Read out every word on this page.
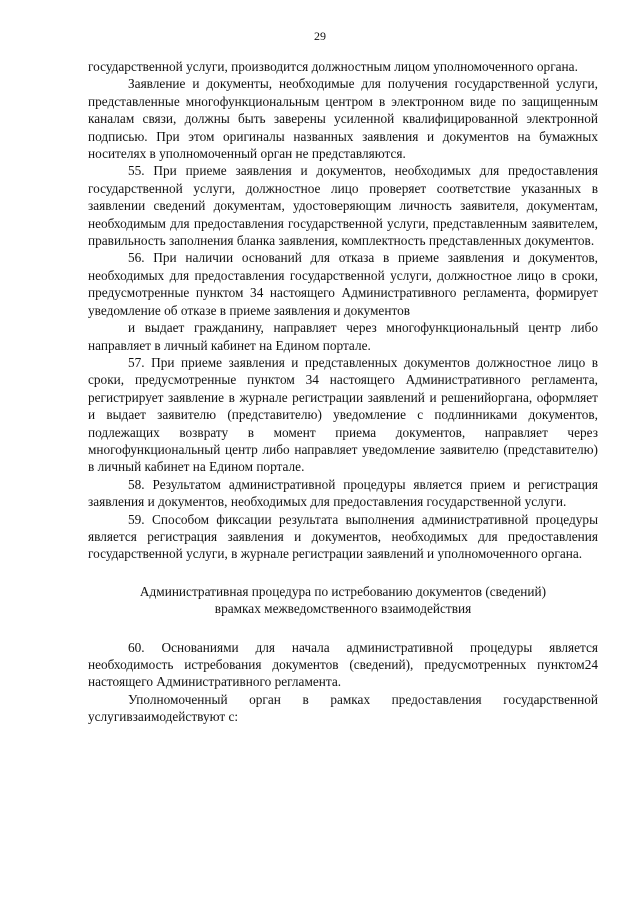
29

государственной услуги, производится должностным лицом уполномоченного органа.

Заявление и документы, необходимые для получения государственной услуги, представленные многофункциональным центром в электронном виде по защищенным каналам связи, должны быть заверены усиленной квалифицированной электронной подписью. При этом оригиналы названных заявления и документов на бумажных носителях в уполномоченный орган не представляются.

55. При приеме заявления и документов, необходимых для предоставления государственной услуги, должностное лицо проверяет соответствие указанных в заявлении сведений документам, удостоверяющим личность заявителя, документам, необходимым для предоставления государственной услуги, представленным заявителем, правильность заполнения бланка заявления, комплектность представленных документов.

56. При наличии оснований для отказа в приеме заявления и документов, необходимых для предоставления государственной услуги, должностное лицо в сроки, предусмотренные пунктом 34 настоящего Административного регламента, формирует уведомление об отказе в приеме заявления и документов

и выдает гражданину, направляет через многофункциональный центр либо направляет в личный кабинет на Едином портале.

57. При приеме заявления и представленных документов должностное лицо в сроки, предусмотренные пунктом 34 настоящего Административного регламента, регистрирует заявление в журнале регистрации заявлений и решенийоргана, оформляет и выдает заявителю (представителю) уведомление с подлинниками документов, подлежащих возврату в момент приема документов, направляет через многофункциональный центр либо направляет уведомление заявителю (представителю) в личный кабинет на Едином портале.

58. Результатом административной процедуры является прием и регистрация заявления и документов, необходимых для предоставления государственной услуги.

59. Способом фиксации результата выполнения административной процедуры является регистрация заявления и документов, необходимых для предоставления государственной услуги, в журнале регистрации заявлений и уполномоченного органа.

Административная процедура по истребованию документов (сведений)
врамках межведомственного взаимодействия

60. Основаниями для начала административной процедуры является необходимость истребования документов (сведений), предусмотренных пунктом24 настоящего Административного регламента.

Уполномоченный орган в рамках предоставления государственной услугивзаимодействуют с:
